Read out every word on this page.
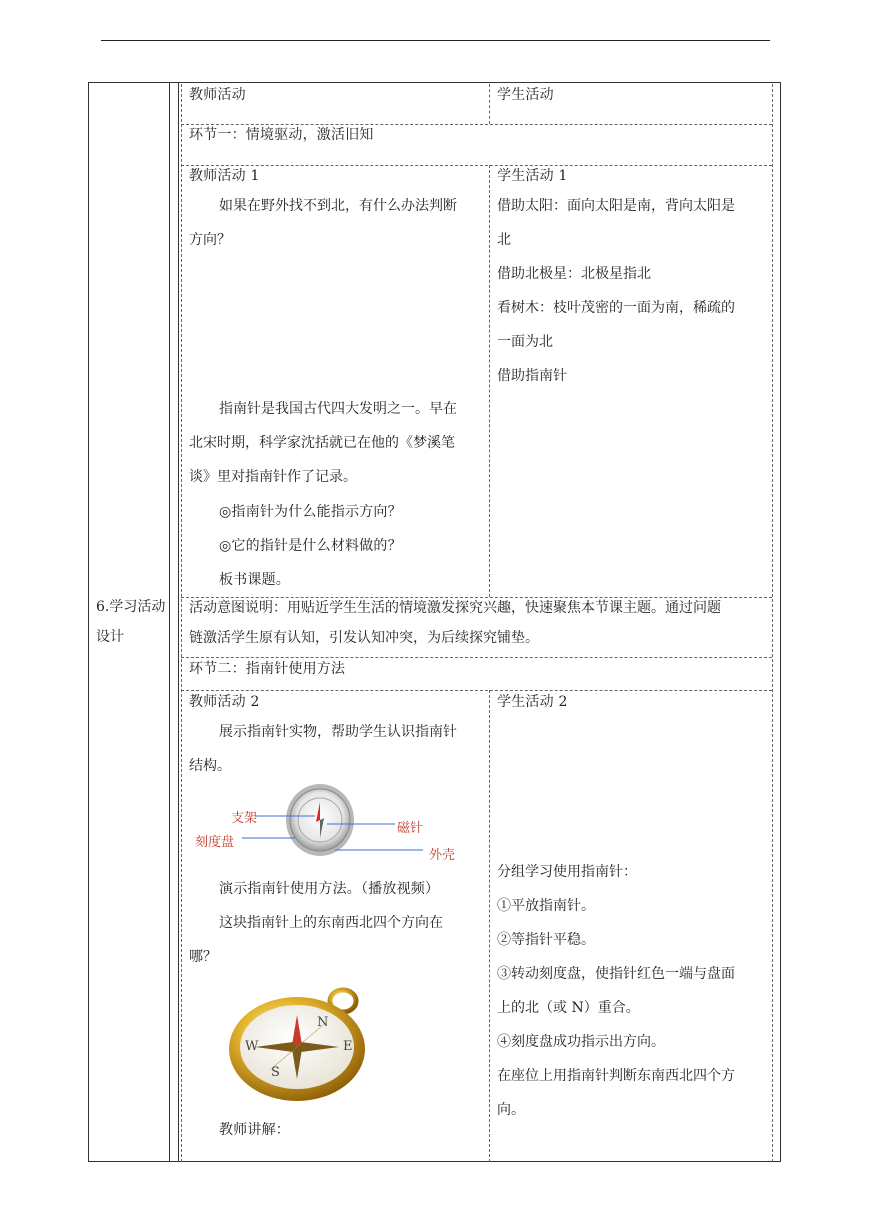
6.学习活动设计
教师活动	学生活动
环节一：情境驱动，激活旧知
教师活动 1
如果在野外找不到北，有什么办法判断
方向？
指南针是我国古代四大发明之一。早在
北宋时期，科学家沈括就已在他的《梦溪笔
谈》里对指南针作了记录。
◎指南针为什么能指示方向？
◎它的指针是什么材料做的？
板书课题。
学生活动 1
借助太阳：面向太阳是南，背向太阳是
北
借助北极星：北极星指北
看树木：枝叶茂密的一面为南，稀疏的
一面为北
借助指南针
活动意图说明：用贴近学生生活的情境激发探究兴趣，快速聚焦本节课主题。通过问题
链激活学生原有认知，引发认知冲突，为后续探究铺垫。
环节二：指南针使用方法
教师活动 2
展示指南针实物，帮助学生认识指南针
结构。
支架
刻度盘
磁针
外壳
演示指南针使用方法。（播放视频）
这块指南针上的东南西北四个方向在
哪？
N
E
S
W
教师讲解：
学生活动 2
分组学习使用指南针：
①平放指南针。
②等指针平稳。
③转动刻度盘，使指针红色一端与盘面
上的北（或 N）重合。
④刻度盘成功指示出方向。
在座位上用指南针判断东南西北四个方
向。
